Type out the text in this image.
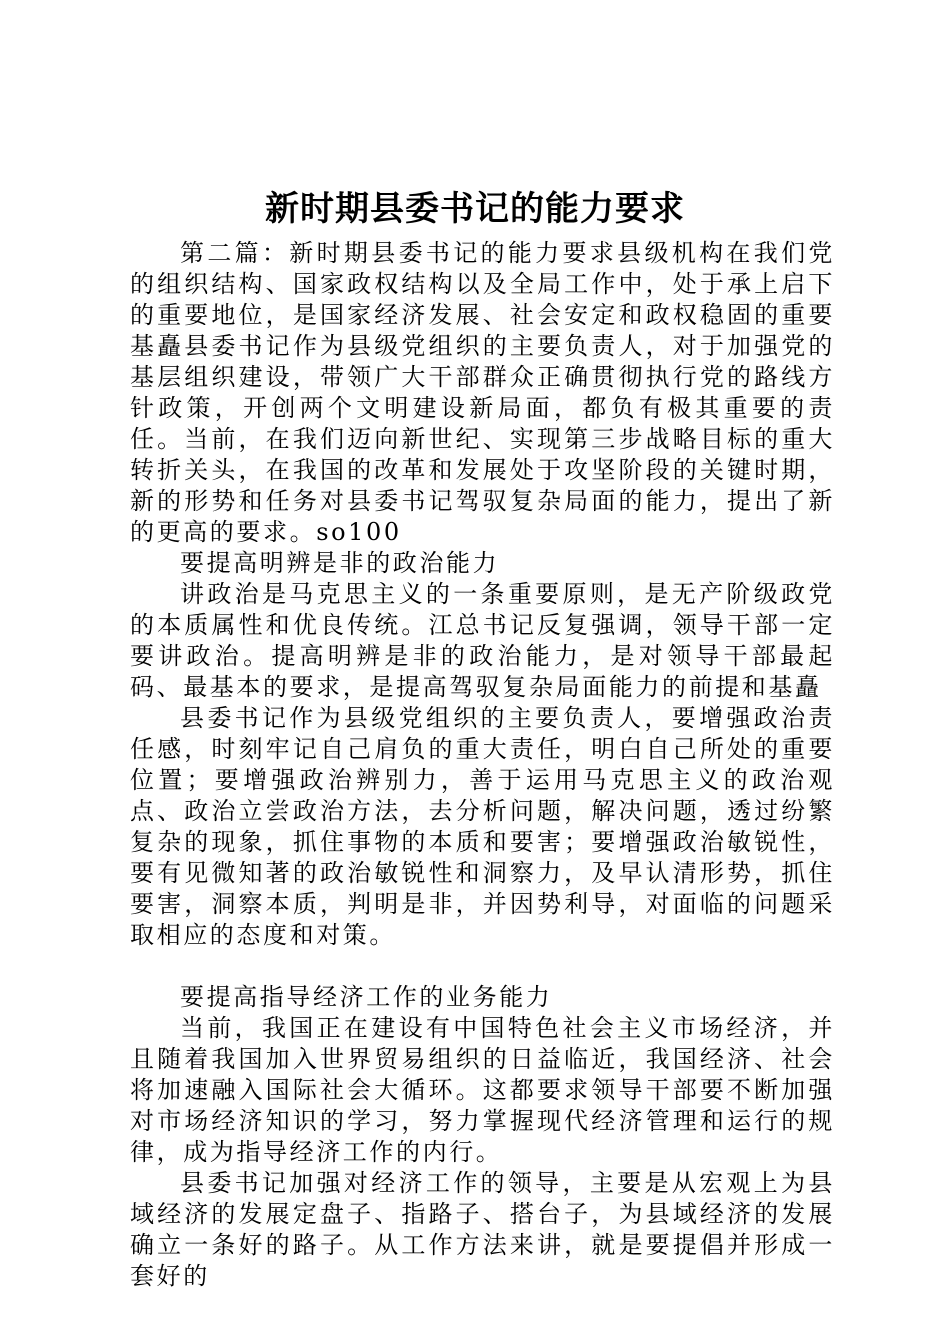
新时期县委书记的能力要求

第二篇：新时期县委书记的能力要求县级机构在我们党的组织结构、国家政权结构以及全局工作中，处于承上启下的重要地位，是国家经济发展、社会安定和政权稳固的重要基矗县委书记作为县级党组织的主要负责人，对于加强党的基层组织建设，带领广大干部群众正确贯彻执行党的路线方针政策，开创两个文明建设新局面，都负有极其重要的责任。当前，在我们迈向新世纪、实现第三步战略目标的重大转折关头，在我国的改革和发展处于攻坚阶段的关键时期，新的形势和任务对县委书记驾驭复杂局面的能力，提出了新的更高的要求。so100

要提高明辨是非的政治能力

讲政治是马克思主义的一条重要原则，是无产阶级政党的本质属性和优良传统。江总书记反复强调，领导干部一定要讲政治。提高明辨是非的政治能力，是对领导干部最起码、最基本的要求，是提高驾驭复杂局面能力的前提和基矗

县委书记作为县级党组织的主要负责人，要增强政治责任感，时刻牢记自己肩负的重大责任，明白自己所处的重要位置；要增强政治辨别力，善于运用马克思主义的政治观点、政治立尝政治方法，去分析问题，解决问题，透过纷繁复杂的现象，抓住事物的本质和要害；要增强政治敏锐性，要有见微知著的政治敏锐性和洞察力，及早认清形势，抓住要害，洞察本质，判明是非，并因势利导，对面临的问题采取相应的态度和对策。

要提高指导经济工作的业务能力

当前，我国正在建设有中国特色社会主义市场经济，并且随着我国加入世界贸易组织的日益临近，我国经济、社会将加速融入国际社会大循环。这都要求领导干部要不断加强对市场经济知识的学习，努力掌握现代经济管理和运行的规律，成为指导经济工作的内行。

县委书记加强对经济工作的领导，主要是从宏观上为县域经济的发展定盘子、指路子、搭台子，为县域经济的发展确立一条好的路子。从工作方法来讲，就是要提倡并形成一套好的
